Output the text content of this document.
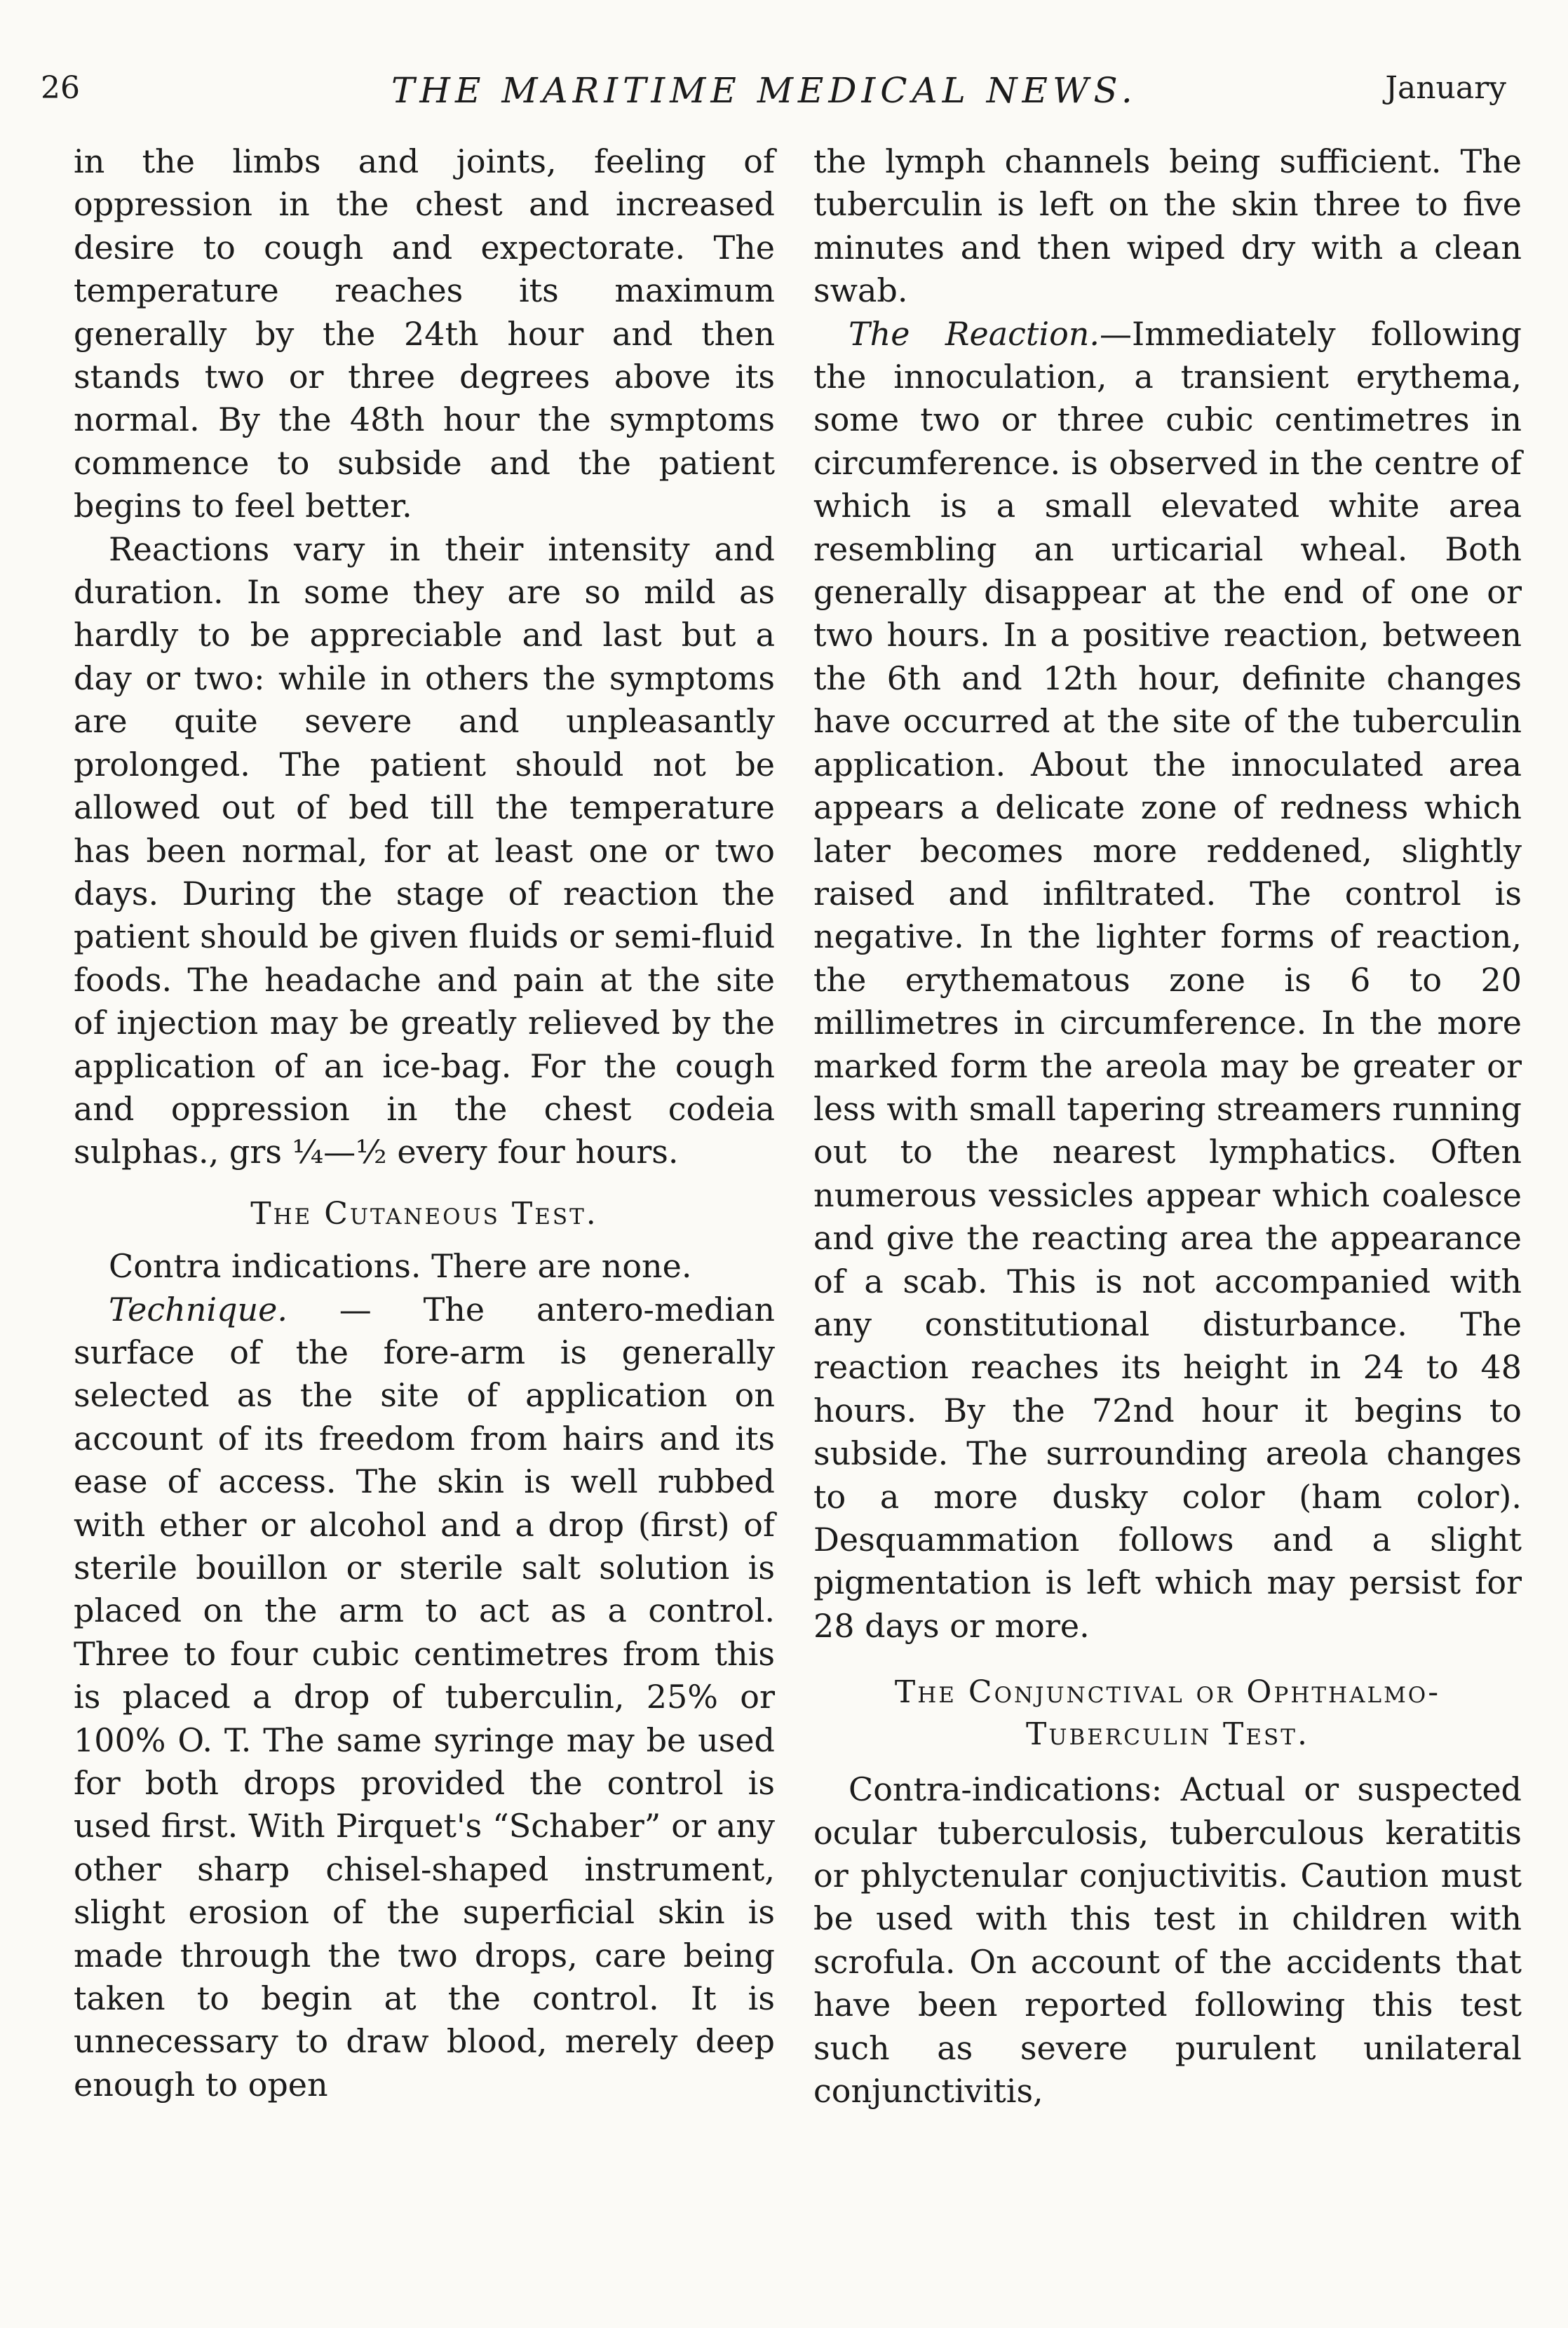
26	THE MARITIME MEDICAL NEWS.	January

in the limbs and joints, feeling of oppression in the chest and increased desire to cough and expectorate. The temperature reaches its maximum generally by the 24th hour and then stands two or three degrees above its normal. By the 48th hour the symptoms commence to subside and the patient begins to feel better.

Reactions vary in their intensity and duration. In some they are so mild as hardly to be appreciable and last but a day or two: while in others the symptoms are quite severe and unpleasantly prolonged. The patient should not be allowed out of bed till the temperature has been normal, for at least one or two days. During the stage of reaction the patient should be given fluids or semi-fluid foods. The headache and pain at the site of injection may be greatly relieved by the application of an ice-bag. For the cough and oppression in the chest codeia sulphas., grs ¼—½ every four hours.

The Cutaneous Test.

Contra indications. There are none.

Technique. — The antero-median surface of the fore-arm is generally selected as the site of application on account of its freedom from hairs and its ease of access. The skin is well rubbed with ether or alcohol and a drop (first) of sterile bouillon or sterile salt solution is placed on the arm to act as a control. Three to four cubic centimetres from this is placed a drop of tuberculin, 25% or 100% O. T. The same syringe may be used for both drops provided the control is used first. With Pirquet's “Schaber” or any other sharp chisel-shaped instrument, slight erosion of the superficial skin is made through the two drops, care being taken to begin at the control. It is unnecessary to draw blood, merely deep enough to open

the lymph channels being sufficient. The tuberculin is left on the skin three to five minutes and then wiped dry with a clean swab.

The Reaction.—Immediately following the innoculation, a transient erythema, some two or three cubic centimetres in circumference. is observed in the centre of which is a small elevated white area resembling an urticarial wheal. Both generally disappear at the end of one or two hours. In a positive reaction, between the 6th and 12th hour, definite changes have occurred at the site of the tuberculin application. About the innoculated area appears a delicate zone of redness which later becomes more reddened, slightly raised and infiltrated. The control is negative. In the lighter forms of reaction, the erythematous zone is 6 to 20 millimetres in circumference. In the more marked form the areola may be greater or less with small tapering streamers running out to the nearest lymphatics. Often numerous vessicles appear which coalesce and give the reacting area the appearance of a scab. This is not accompanied with any constitutional disturbance. The reaction reaches its height in 24 to 48 hours. By the 72nd hour it begins to subside. The surrounding areola changes to a more dusky color (ham color). Desquammation follows and a slight pigmentation is left which may persist for 28 days or more.

The Conjunctival or Ophthalmo-Tuberculin Test.

Contra-indications: Actual or suspected ocular tuberculosis, tuberculous keratitis or phlyctenular conjuctivitis. Caution must be used with this test in children with scrofula. On account of the accidents that have been reported following this test such as severe purulent unilateral conjunctivitis,
